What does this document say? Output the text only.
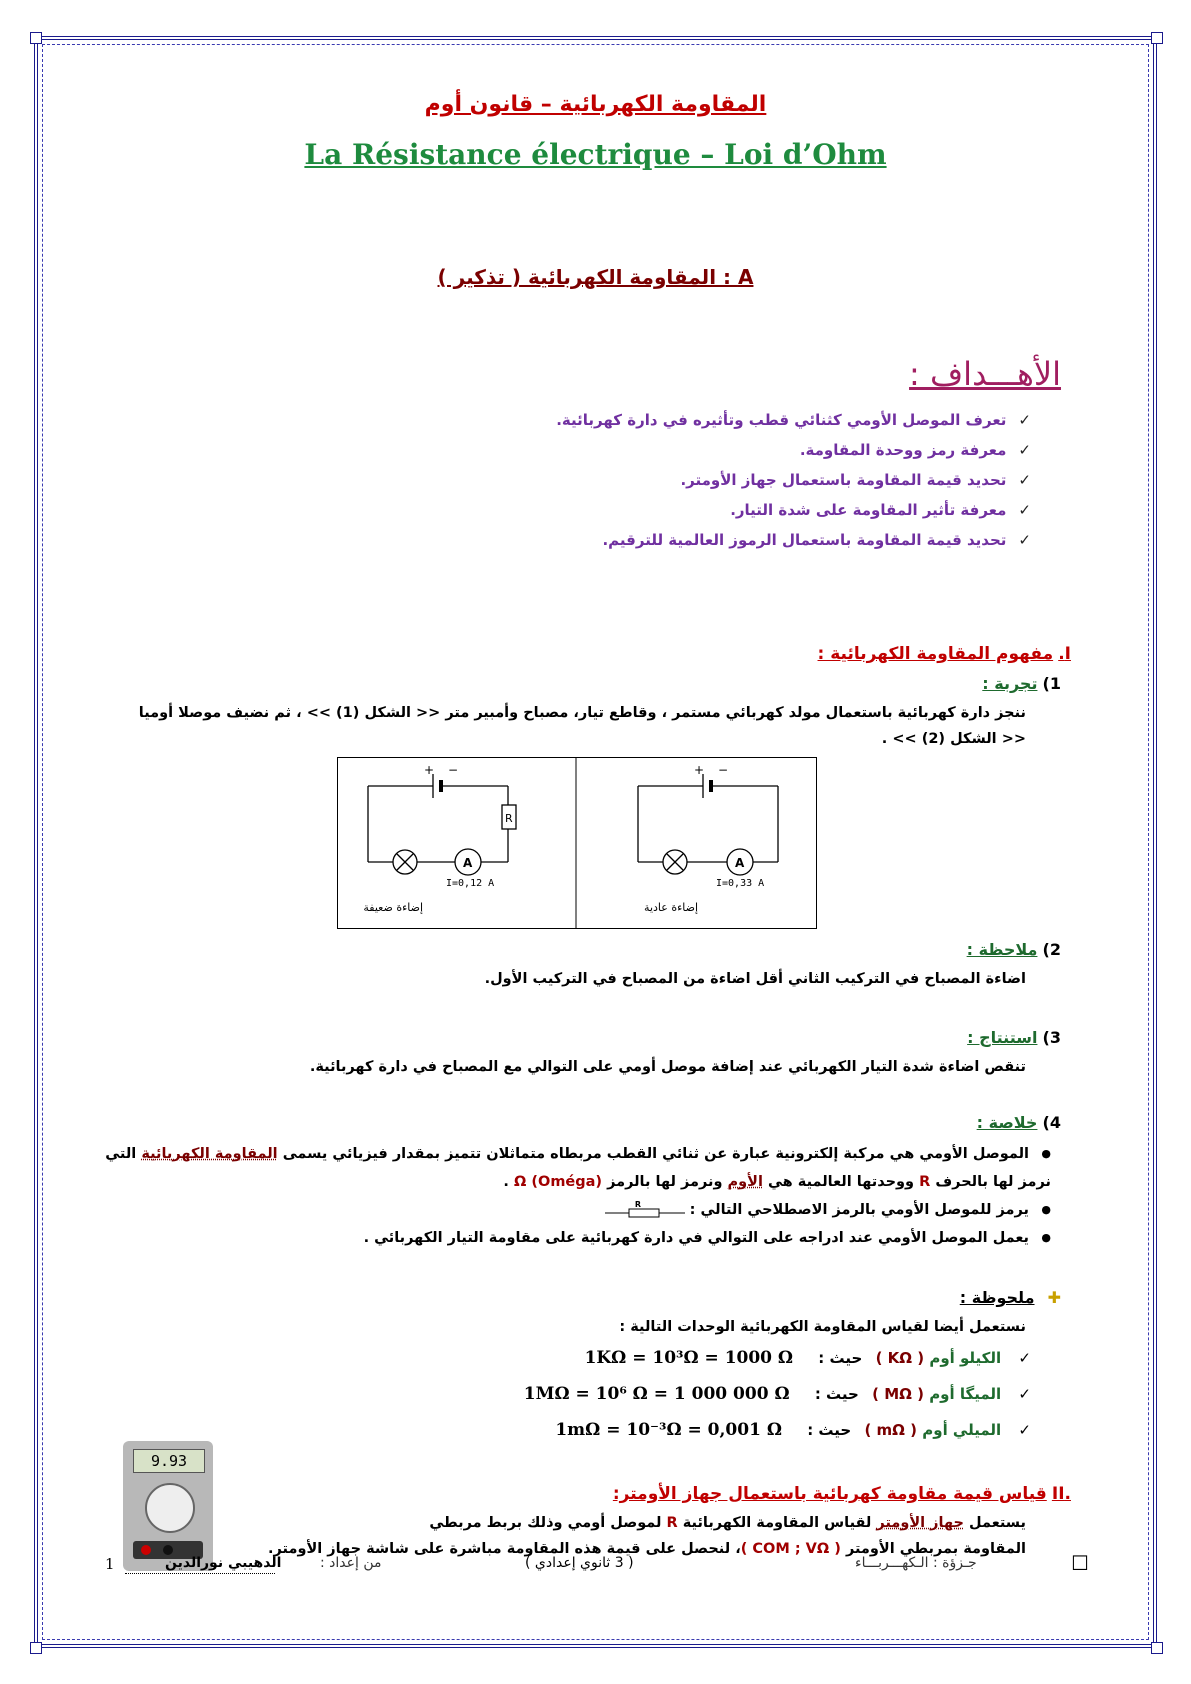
المقاومة الكهربائية – قانون أوم
La Résistance électrique – Loi d’Ohm
A : المقاومة الكهربائية ( تذكير )
الأهـــداف :
✓تعرف الموصل الأومي كثنائي قطب وتأثيره في دارة كهربائية.
✓معرفة رمز ووحدة المقاومة.
✓تحديد قيمة المقاومة باستعمال جهاز الأومتر.
✓معرفة تأثير المقاومة على شدة التيار.
✓تحديد قيمة المقاومة باستعمال الرموز العالمية للترقيم.
I. مفهوم المقاومة الكهربائية :
1) تجربة :
ننجز دارة كهربائية باستعمال مولد كهربائي مستمر ، وقاطع تيار، مصباح وأمبير متر << الشكل (1) >> ، ثم نضيف موصلا أوميا
<< الشكل (2) >> .
+ −
R
A
I=0,12 A
إضاءة ضعيفة
+ −
A
I=0,33 A
إضاءة عادية
2) ملاحظة :
اضاءة المصباح في التركيب الثاني أقل اضاءة من المصباح في التركيب الأول.
3) استنتاج :
تنقص اضاءة شدة التيار الكهربائي عند إضافة موصل أومي على التوالي مع المصباح في دارة كهربائية.
4) خلاصة :
● الموصل الأومي هي مركبة إلكترونية عبارة عن ثنائي القطب مربطاه متماثلان تتميز بمقدار فيزيائي يسمى المقاومة الكهربائية التي
نرمز لها بالحرف R ووحدتها العالمية هي الأوم ونرمز لها بالرمز Ω (Oméga) .
● يرمز للموصل الأومي بالرمز الاصطلاحي التالي :
R
● يعمل الموصل الأومي عند ادراجه على التوالي في دارة كهربائية على مقاومة التيار الكهربائي .
✚ ملحوظة :
نستعمل أيضا لقياس المقاومة الكهربائية الوحدات التالية :
✓ الكيلو أوم ( KΩ ) حيث : 1KΩ = 10³Ω = 1000 Ω
✓ الميگا أوم ( MΩ ) حيث : 1MΩ = 10⁶ Ω = 1 000 000 Ω
✓ الميلي أوم ( mΩ ) حيث : 1mΩ = 10⁻³Ω = 0,001 Ω
9.93
.II قياس قيمة مقاومة كهربائية باستعمال جهاز الأومتر:
يستعمل جهاز الأومتر لقياس المقاومة الكهربائية R لموصل أومي وذلك بربط مربطي
المقاومة بمربطي الأومتر ( COM ; VΩ )، لنحصل على قيمة هذه المقاومة مباشرة على شاشة جهاز الأومتر.
1	الدهيبي نورالدين	من إعداد :	( 3 ثانوي إعدادي )	جـزؤة : الـكهـــربـــاء	☐
